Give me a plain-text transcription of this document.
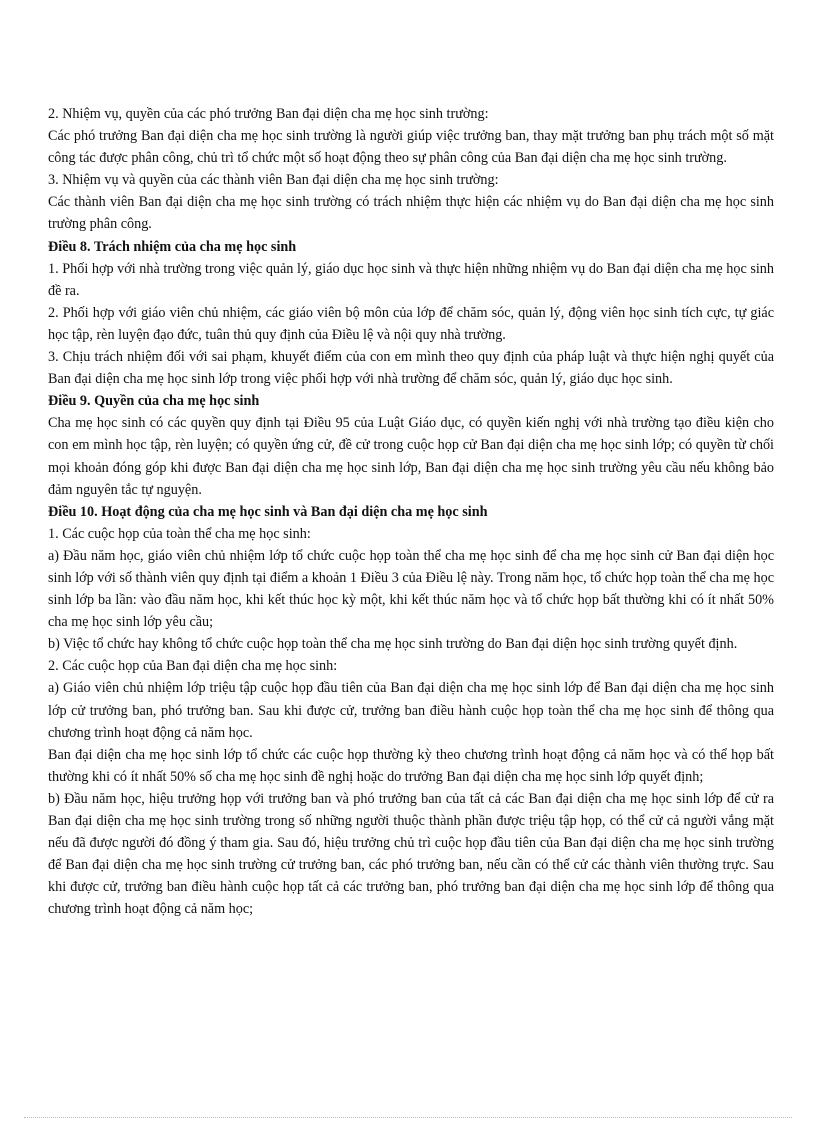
2. Nhiệm vụ, quyền của các phó trưởng Ban đại diện cha mẹ học sinh trường:

Các phó trưởng Ban đại diện cha mẹ học sinh trường là người giúp việc trưởng ban, thay mặt trưởng ban phụ trách một số mặt công tác được phân công, chủ trì tổ chức một số hoạt động theo sự phân công của Ban đại diện cha mẹ học sinh trường.

3. Nhiệm vụ và quyền của các thành viên Ban đại diện cha mẹ học sinh trường:

Các thành viên Ban đại diện cha mẹ học sinh trường có trách nhiệm thực hiện các nhiệm vụ do Ban đại diện cha mẹ học sinh trường phân công.

Điều 8. Trách nhiệm của cha mẹ học sinh

1. Phối hợp với nhà trường trong việc quản lý, giáo dục học sinh và thực hiện những nhiệm vụ do Ban đại diện cha mẹ học sinh đề ra.

2. Phối hợp với giáo viên chủ nhiệm, các giáo viên bộ môn của lớp để chăm sóc, quản lý, động viên học sinh tích cực, tự giác học tập, rèn luyện đạo đức, tuân thủ quy định của Điều lệ và nội quy nhà trường.

3. Chịu trách nhiệm đối với sai phạm, khuyết điểm của con em mình theo quy định của pháp luật và thực hiện nghị quyết của Ban đại diện cha mẹ học sinh lớp trong việc phối hợp với nhà trường để chăm sóc, quản lý, giáo dục học sinh.

Điều 9. Quyền của cha mẹ học sinh

Cha mẹ học sinh có các quyền quy định tại Điều 95 của Luật Giáo dục, có quyền kiến nghị với nhà trường tạo điều kiện cho con em mình học tập, rèn luyện; có quyền ứng cử, đề cử trong cuộc họp cử Ban đại diện cha mẹ học sinh lớp; có quyền từ chối mọi khoản đóng góp khi được Ban đại diện cha mẹ học sinh lớp, Ban đại diện cha mẹ học sinh trường yêu cầu nếu không bảo đảm nguyên tắc tự nguyện.

Điều 10. Hoạt động của cha mẹ học sinh và Ban đại diện cha mẹ học sinh

1. Các cuộc họp của toàn thể cha mẹ học sinh:

a) Đầu năm học, giáo viên chủ nhiệm lớp tổ chức cuộc họp toàn thể cha mẹ học sinh để cha mẹ học sinh cử Ban đại diện học sinh lớp với số thành viên quy định tại điểm a khoản 1 Điều 3 của Điều lệ này. Trong năm học, tổ chức họp toàn thể cha mẹ học sinh lớp ba lần: vào đầu năm học, khi kết thúc học kỳ một, khi kết thúc năm học và tổ chức họp bất thường khi có ít nhất 50% cha mẹ học sinh lớp yêu cầu;

b) Việc tổ chức hay không tổ chức cuộc họp toàn thể cha mẹ học sinh trường do Ban đại diện học sinh trường quyết định.

2. Các cuộc họp của Ban đại diện cha mẹ học sinh:

a) Giáo viên chủ nhiệm lớp triệu tập cuộc họp đầu tiên của Ban đại diện cha mẹ học sinh lớp để Ban đại diện cha mẹ học sinh lớp cử trưởng ban, phó trưởng ban. Sau khi được cử, trưởng ban điều hành cuộc họp toàn thể cha mẹ học sinh để thông qua chương trình hoạt động cả năm học.

Ban đại diện cha mẹ học sinh lớp tổ chức các cuộc họp thường kỳ theo chương trình hoạt động cả năm học và có thể họp bất thường khi có ít nhất 50% số cha mẹ học sinh đề nghị hoặc do trưởng Ban đại diện cha mẹ học sinh lớp quyết định;

b) Đầu năm học, hiệu trưởng họp với trưởng ban và phó trưởng ban của tất cả các Ban đại diện cha mẹ học sinh lớp để cử ra Ban đại diện cha mẹ học sinh trường trong số những người thuộc thành phần được triệu tập họp, có thể cử cả người vắng mặt nếu đã được người đó đồng ý tham gia. Sau đó, hiệu trưởng chủ trì cuộc họp đầu tiên của Ban đại diện cha mẹ học sinh trường để Ban đại diện cha mẹ học sinh trường cử trưởng ban, các phó trưởng ban, nếu cần có thể cử các thành viên thường trực. Sau khi được cử, trưởng ban điều hành cuộc họp tất cả các trưởng ban, phó trưởng ban đại diện cha mẹ học sinh lớp để thông qua chương trình hoạt động cả năm học;
